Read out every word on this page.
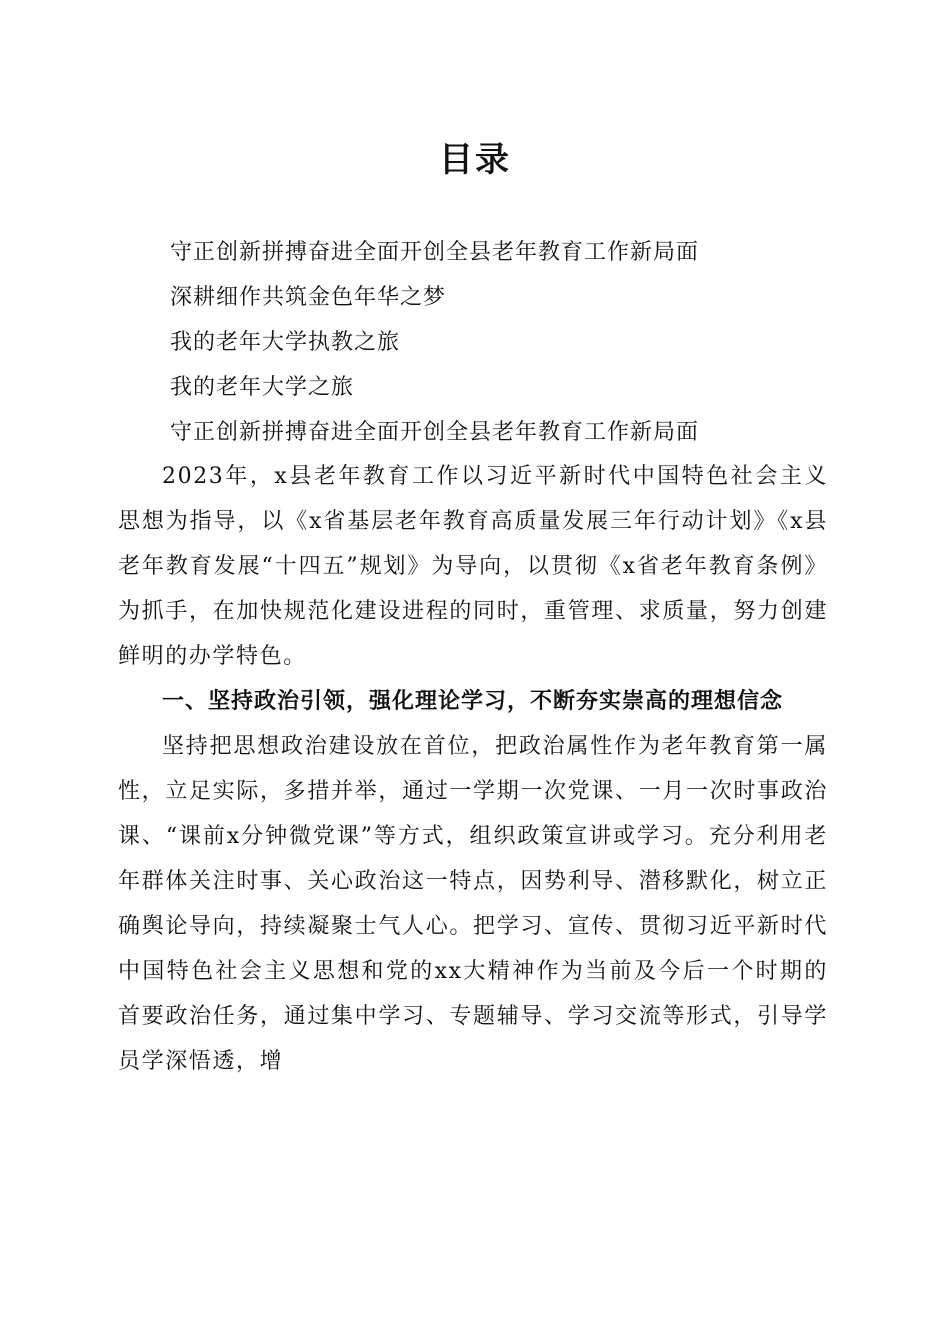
目录
守正创新拼搏奋进全面开创全县老年教育工作新局面
深耕细作共筑金色年华之梦
我的老年大学执教之旅
我的老年大学之旅
守正创新拼搏奋进全面开创全县老年教育工作新局面

2023年，x县老年教育工作以习近平新时代中国特色社会主义思想为指导，以《x省基层老年教育高质量发展三年行动计划》《x县老年教育发展“十四五”规划》为导向，以贯彻《x省老年教育条例》为抓手，在加快规范化建设进程的同时，重管理、求质量，努力创建鲜明的办学特色。

一、坚持政治引领，强化理论学习，不断夯实崇高的理想信念

坚持把思想政治建设放在首位，把政治属性作为老年教育第一属性，立足实际，多措并举，通过一学期一次党课、一月一次时事政治课、“课前x分钟微党课”等方式，组织政策宣讲或学习。充分利用老年群体关注时事、关心政治这一特点，因势利导、潜移默化，树立正确舆论导向，持续凝聚士气人心。把学习、宣传、贯彻习近平新时代中国特色社会主义思想和党的xx大精神作为当前及今后一个时期的首要政治任务，通过集中学习、专题辅导、学习交流等形式，引导学员学深悟透，增
